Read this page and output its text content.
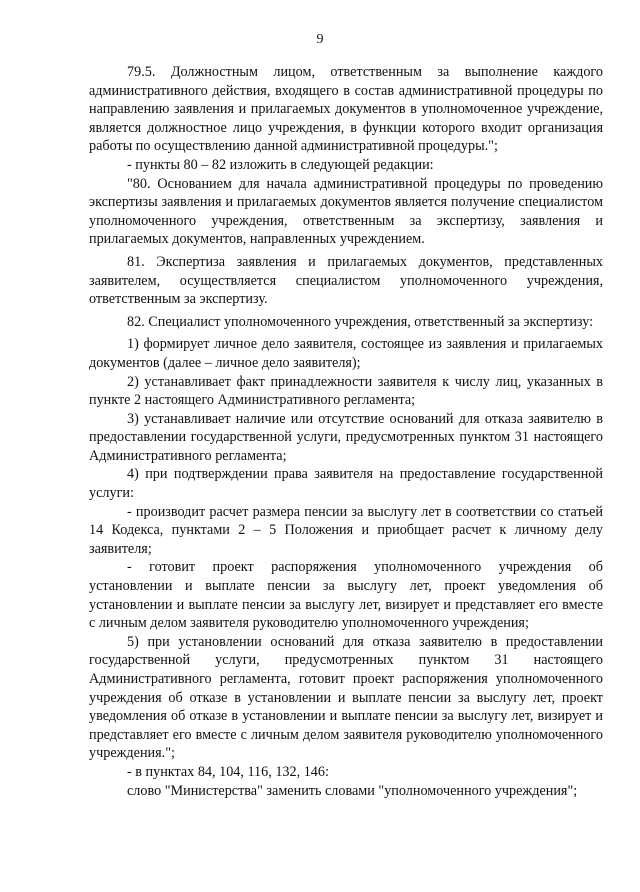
9

79.5. Должностным лицом, ответственным за выполнение каждого административного действия, входящего в состав административной процедуры по направлению заявления и прилагаемых документов в уполномоченное учреждение, является должностное лицо учреждения, в функции которого входит организация работы по осуществлению данной административной процедуры.";

- пункты 80 – 82 изложить в следующей редакции:

"80. Основанием для начала административной процедуры по проведению экспертизы заявления и прилагаемых документов является получение специалистом уполномоченного учреждения, ответственным за экспертизу, заявления и прилагаемых документов, направленных учреждением.

81. Экспертиза заявления и прилагаемых документов, представленных заявителем, осуществляется специалистом уполномоченного учреждения, ответственным за экспертизу.

82. Специалист уполномоченного учреждения, ответственный за экспертизу:

1) формирует личное дело заявителя, состоящее из заявления и прилагаемых документов (далее – личное дело заявителя);

2) устанавливает факт принадлежности заявителя к числу лиц, указанных в пункте 2 настоящего Административного регламента;

3) устанавливает наличие или отсутствие оснований для отказа заявителю в предоставлении государственной услуги, предусмотренных пунктом 31 настоящего Административного регламента;

4) при подтверждении права заявителя на предоставление государственной услуги:

- производит расчет размера пенсии за выслугу лет в соответствии со статьей 14 Кодекса, пунктами 2 – 5 Положения и приобщает расчет к личному делу заявителя;

- готовит проект распоряжения уполномоченного учреждения об установлении и выплате пенсии за выслугу лет, проект уведомления об установлении и выплате пенсии за выслугу лет, визирует и представляет его вместе с личным делом заявителя руководителю уполномоченного учреждения;

5) при установлении оснований для отказа заявителю в предоставлении государственной услуги, предусмотренных пунктом 31 настоящего Административного регламента, готовит проект распоряжения уполномоченного учреждения об отказе в установлении и выплате пенсии за выслугу лет, проект уведомления об отказе в установлении и выплате пенсии за выслугу лет, визирует и представляет его вместе с личным делом заявителя руководителю уполномоченного учреждения.";

- в пунктах 84, 104, 116, 132, 146:

слово "Министерства" заменить словами "уполномоченного учреждения";
